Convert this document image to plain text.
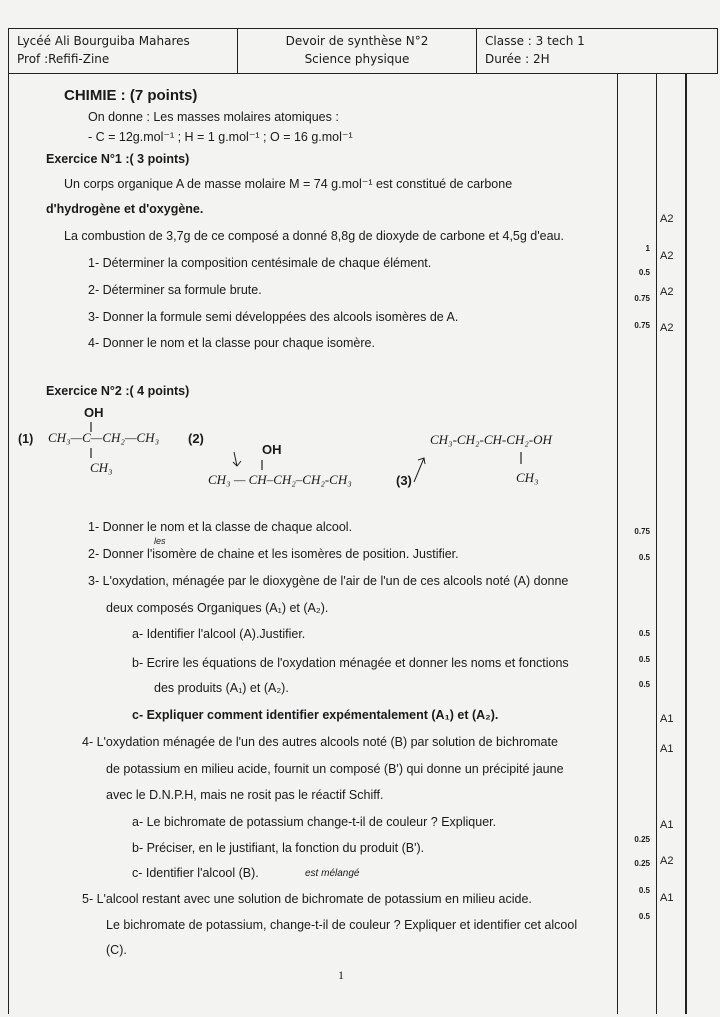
Lycéé Ali Bourguiba Mahares
Prof :Refifi-Zine
Devoir de synthèse N°2
Science physique
Classe : 3 tech 1
Durée : 2H
CHIMIE : (7 points)
On donne : Les masses molaires atomiques :
- C = 12g.mol⁻¹ ; H = 1 g.mol⁻¹ ; O = 16 g.mol⁻¹
Exercice N°1 :( 3 points)
Un corps organique A de masse molaire M = 74 g.mol⁻¹ est constitué de carbone
d'hydrogène et d'oxygène.
La combustion de 3,7g de ce composé a donné 8,8g de dioxyde de carbone et 4,5g d'eau.
1- Déterminer la composition centésimale de chaque élément.
2- Déterminer sa formule brute.
3- Donner la formule semi développées des alcools isomères de A.
4- Donner le nom et la classe pour chaque isomère.
Exercice N°2 :( 4 points)
(1)
OH
CH₃—C—CH₂—CH₃ (2)
CH₃
OH
CH₃ — CH–CH₂–CH₂-CH₃	(3)
CH₃-CH₂-CH-CH₂-OH
CH₃
1- Donner le nom et la classe de chaque alcool.
les
2- Donner l'isomère de chaine et les isomères de position. Justifier.
3- L'oxydation, ménagée par le dioxygène de l'air de l'un de ces alcools noté (A) donne
deux composés Organiques (A₁) et (A₂).
a- Identifier l'alcool (A).Justifier.
b- Ecrire les équations de l'oxydation ménagée et donner les noms et fonctions
des produits (A₁) et (A₂).
c- Expliquer comment identifier expémentalement (A₁) et (A₂).
4- L'oxydation ménagée de l'un des autres alcools noté (B) par solution de bichromate
de potassium en milieu acide, fournit un composé (B') qui donne un précipité jaune
avec le D.N.P.H, mais ne rosit pas le réactif Schiff.
a- Le bichromate de potassium change-t-il de couleur ? Expliquer.
b- Préciser, en le justifiant, la fonction du produit (B').
c- Identifier l'alcool (B).	est mélangé
5- L'alcool restant avec une solution de bichromate de potassium en milieu acide.
Le bichromate de potassium, change-t-il de couleur ? Expliquer et identifier cet alcool
(C).
1
0.5
0.75
0.75
0.75
0.5
0.5
0.5
0.5
0.25
0.25
0.5
0.5
A2
A2
A2
A2
A1
A1
A1
A2
A1
1
